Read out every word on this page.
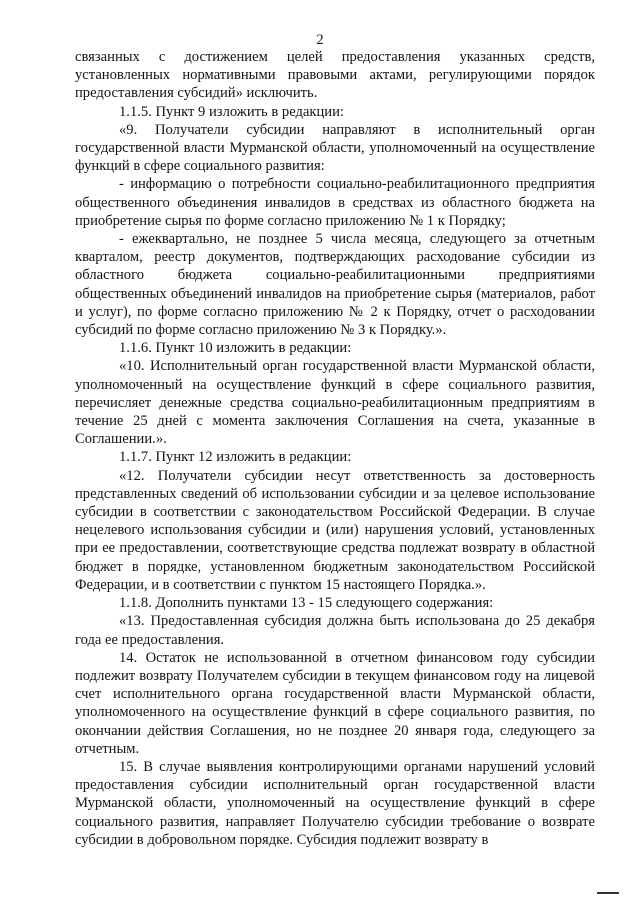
2

связанных с достижением целей предоставления указанных средств, установленных нормативными правовыми актами, регулирующими порядок предоставления субсидий» исключить.

1.1.5. Пункт 9 изложить в редакции:

«9. Получатели субсидии направляют в исполнительный орган государственной власти Мурманской области, уполномоченный на осуществление функций в сфере социального развития:

- информацию о потребности социально-реабилитационного предприятия общественного объединения инвалидов в средствах из областного бюджета на приобретение сырья по форме согласно приложению № 1 к Порядку;

- ежеквартально, не позднее 5 числа месяца, следующего за отчетным кварталом, реестр документов, подтверждающих расходование субсидии из областного бюджета социально-реабилитационными предприятиями общественных объединений инвалидов на приобретение сырья (материалов, работ и услуг), по форме согласно приложению № 2 к Порядку, отчет о расходовании субсидий по форме согласно приложению № 3 к Порядку.».

1.1.6. Пункт 10 изложить в редакции:

«10. Исполнительный орган государственной власти Мурманской области, уполномоченный на осуществление функций в сфере социального развития, перечисляет денежные средства социально-реабилитационным предприятиям в течение 25 дней с момента заключения Соглашения на счета, указанные в Соглашении.».

1.1.7. Пункт 12 изложить в редакции:

«12. Получатели субсидии несут ответственность за достоверность представленных сведений об использовании субсидии и за целевое использование субсидии в соответствии с законодательством Российской Федерации. В случае нецелевого использования субсидии и (или) нарушения условий, установленных при ее предоставлении, соответствующие средства подлежат возврату в областной бюджет в порядке, установленном бюджетным законодательством Российской Федерации, и в соответствии с пунктом 15 настоящего Порядка.».

1.1.8. Дополнить пунктами 13 - 15 следующего содержания:

«13. Предоставленная субсидия должна быть использована до 25 декабря года ее предоставления.

14. Остаток не использованной в отчетном финансовом году субсидии подлежит возврату Получателем субсидии в текущем финансовом году на лицевой счет исполнительного органа государственной власти Мурманской области, уполномоченного на осуществление функций в сфере социального развития, по окончании действия Соглашения, но не позднее 20 января года, следующего за отчетным.

15. В случае выявления контролирующими органами нарушений условий предоставления субсидии исполнительный орган государственной власти Мурманской области, уполномоченный на осуществление функций в сфере социального развития, направляет Получателю субсидии требование о возврате субсидии в добровольном порядке. Субсидия подлежит возврату в
